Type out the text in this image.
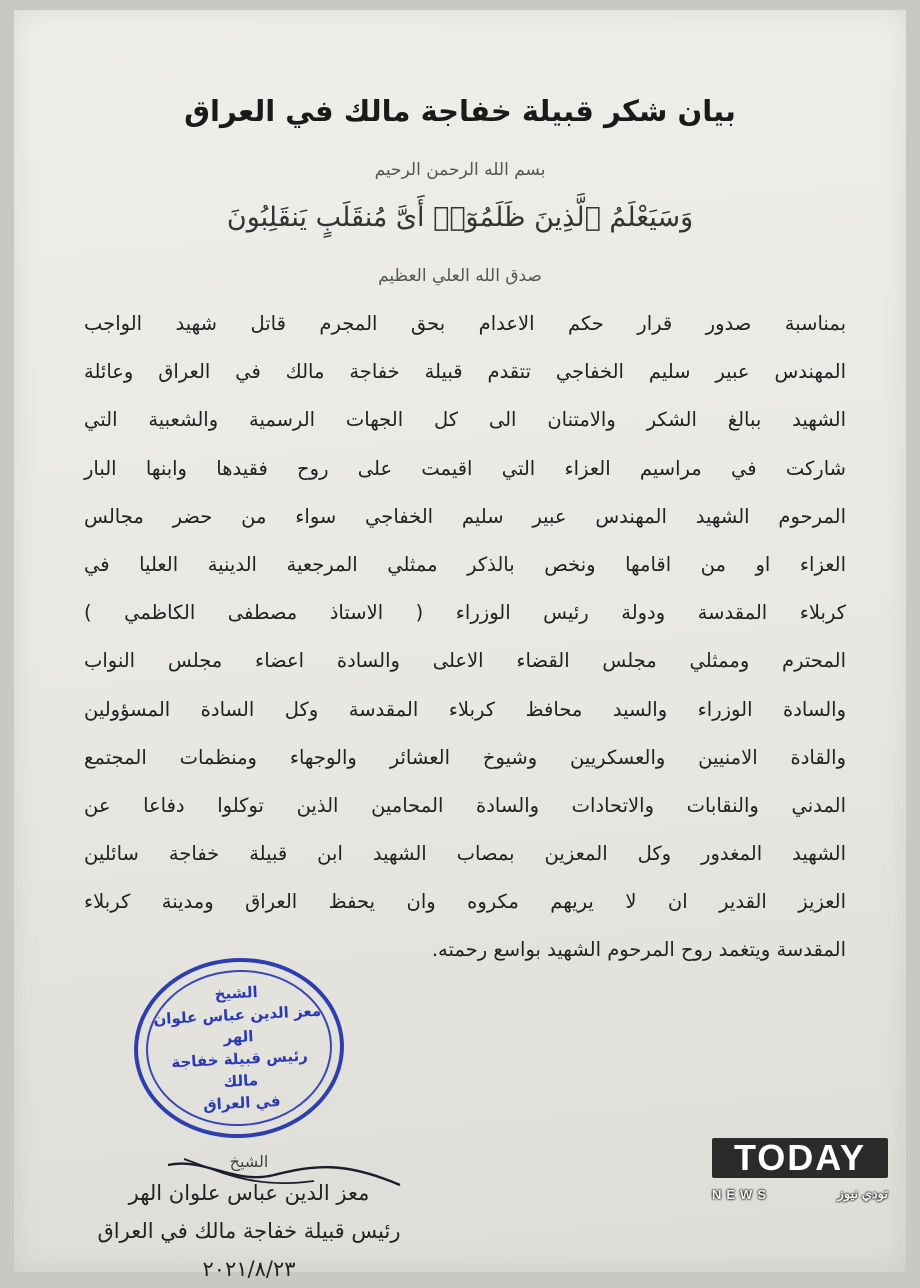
بيان شكر قبيلة خفاجة مالك في العراق
بسم الله الرحمن الرحيم
وَسَيَعْلَمُ ٱلَّذِينَ ظَلَمُوٓا۟ أَىَّ مُنقَلَبٍ يَنقَلِبُونَ
صدق الله العلي العظيم
بمناسبة صدور قرار حكم الاعدام بحق المجرم قاتل شهيد الواجب
المهندس عبير سليم الخفاجي تتقدم قبيلة خفاجة مالك في العراق وعائلة
الشهيد ببالغ الشكر والامتنان الى كل الجهات الرسمية والشعبية التي
شاركت في مراسيم العزاء التي اقيمت على روح فقيدها وابنها البار
المرحوم الشهيد المهندس عبير سليم الخفاجي سواء من حضر مجالس
العزاء او من اقامها ونخص بالذكر ممثلي المرجعية الدينية العليا في
كربلاء المقدسة ودولة رئيس الوزراء ( الاستاذ مصطفى الكاظمي )
المحترم وممثلي مجلس القضاء الاعلى والسادة اعضاء مجلس النواب
والسادة الوزراء والسيد محافظ كربلاء المقدسة وكل السادة المسؤولين
والقادة الامنيين والعسكريين وشيوخ العشائر والوجهاء ومنظمات المجتمع
المدني والنقابات والاتحادات والسادة المحامين الذين توكلوا دفاعا عن
الشهيد المغدور وكل المعزين بمصاب الشهيد ابن قبيلة خفاجة سائلين
العزيز القدير ان لا يريهم مكروه وان يحفظ العراق ومدينة كربلاء
المقدسة ويتغمد روح المرحوم الشهيد بواسع رحمته.
الشيخ
معز الدين عباس علوان
الهر
رئيس قبيلة خفاجة
مالك
في العراق
الشيخ
معز الدين عباس علوان الهر
رئيس قبيلة خفاجة مالك في العراق
٢٠٢١/٨/٢٣
TODAY
NEWS	تودي نيوز
